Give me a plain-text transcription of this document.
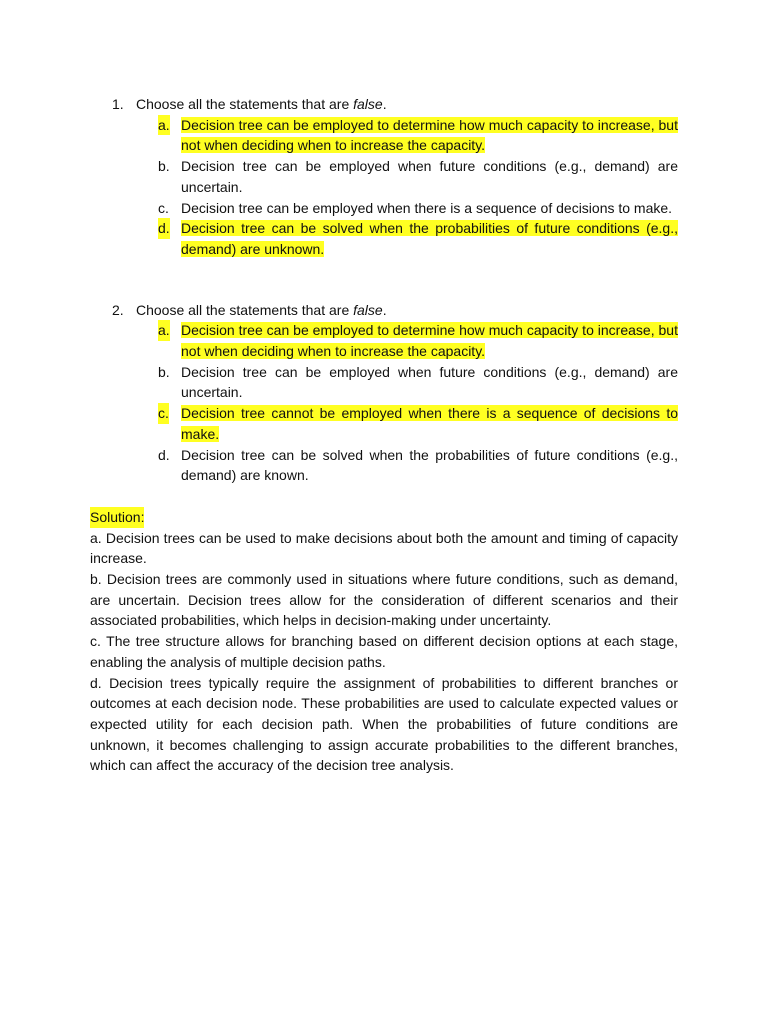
1. Choose all the statements that are false.
a. Decision tree can be employed to determine how much capacity to increase, but not when deciding when to increase the capacity.
b. Decision tree can be employed when future conditions (e.g., demand) are uncertain.
c. Decision tree can be employed when there is a sequence of decisions to make.
d. Decision tree can be solved when the probabilities of future conditions (e.g., demand) are unknown.
2. Choose all the statements that are false.
a. Decision tree can be employed to determine how much capacity to increase, but not when deciding when to increase the capacity.
b. Decision tree can be employed when future conditions (e.g., demand) are uncertain.
c. Decision tree cannot be employed when there is a sequence of decisions to make.
d. Decision tree can be solved when the probabilities of future conditions (e.g., demand) are known.
Solution:

a. Decision trees can be used to make decisions about both the amount and timing of capacity increase.

b. Decision trees are commonly used in situations where future conditions, such as demand, are uncertain. Decision trees allow for the consideration of different scenarios and their associated probabilities, which helps in decision-making under uncertainty.

c. The tree structure allows for branching based on different decision options at each stage, enabling the analysis of multiple decision paths.

d. Decision trees typically require the assignment of probabilities to different branches or outcomes at each decision node. These probabilities are used to calculate expected values or expected utility for each decision path. When the probabilities of future conditions are unknown, it becomes challenging to assign accurate probabilities to the different branches, which can affect the accuracy of the decision tree analysis.
